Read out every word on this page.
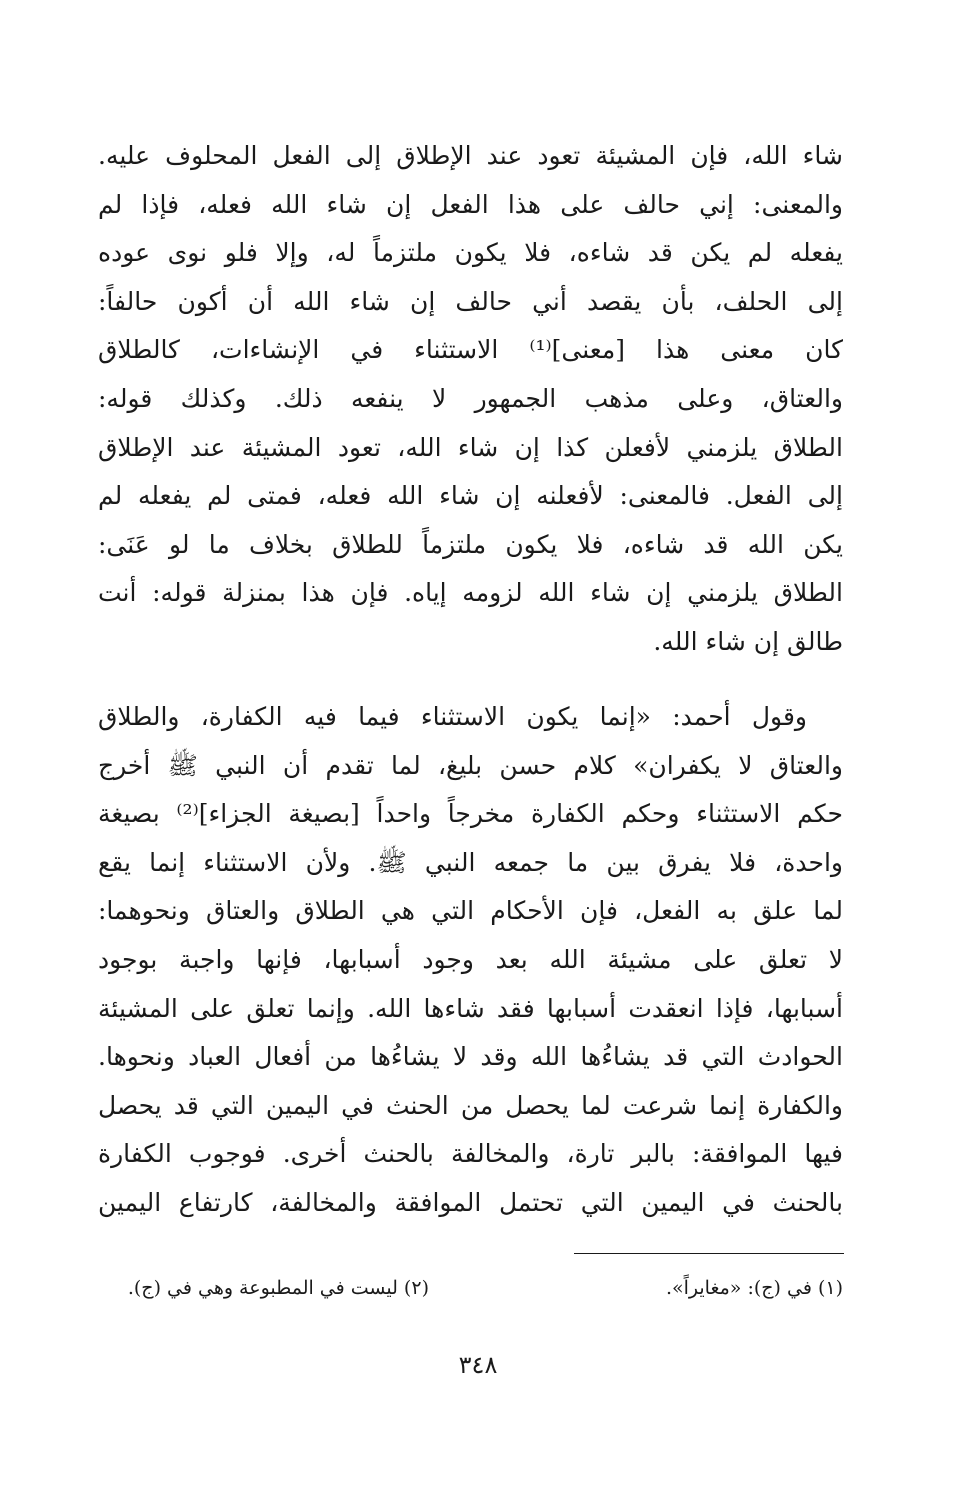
شاء الله، فإن المشيئة تعود عند الإطلاق إلى الفعل المحلوف عليه.
والمعنى: إني حالف على هذا الفعل إن شاء الله فعله، فإذا لم
يفعله لم يكن قد شاءه، فلا يكون ملتزماً له، وإلا فلو نوى عوده
إلى الحلف، بأن يقصد أني حالف إن شاء الله أن أكون حالفاً:
كان معنى هذا [معنى]⁽¹⁾ الاستثناء في الإنشاءات، كالطلاق
والعتاق، وعلى مذهب الجمهور لا ينفعه ذلك. وكذلك قوله:
الطلاق يلزمني لأفعلن كذا إن شاء الله، تعود المشيئة عند الإطلاق
إلى الفعل. فالمعنى: لأفعلنه إن شاء الله فعله، فمتى لم يفعله لم
يكن الله قد شاءه، فلا يكون ملتزماً للطلاق بخلاف ما لو عَنَى:
الطلاق يلزمني إن شاء الله لزومه إياه. فإن هذا بمنزلة قوله: أنت
طالق إن شاء الله.
وقول أحمد: «إنما يكون الاستثناء فيما فيه الكفارة، والطلاق
والعتاق لا يكفران» كلام حسن بليغ، لما تقدم أن النبي ﷺ أخرج
حكم الاستثناء وحكم الكفارة مخرجاً واحداً [بصيغة الجزاء]⁽²⁾ بصيغة
واحدة، فلا يفرق بين ما جمعه النبي ﷺ. ولأن الاستثناء إنما يقع
لما علق به الفعل، فإن الأحكام التي هي الطلاق والعتاق ونحوهما:
لا تعلق على مشيئة الله بعد وجود أسبابها، فإنها واجبة بوجود
أسبابها، فإذا انعقدت أسبابها فقد شاءها الله. وإنما تعلق على المشيئة
الحوادث التي قد يشاءُها الله وقد لا يشاءُها من أفعال العباد ونحوها.
والكفارة إنما شرعت لما يحصل من الحنث في اليمين التي قد يحصل
فيها الموافقة: بالبر تارة، والمخالفة بالحنث أخرى. فوجوب الكفارة
بالحنث في اليمين التي تحتمل الموافقة والمخالفة، كارتفاع اليمين
(١) في (ج): «مغايراً».
(٢) ليست في المطبوعة وهي في (ج).
٣٤٨
